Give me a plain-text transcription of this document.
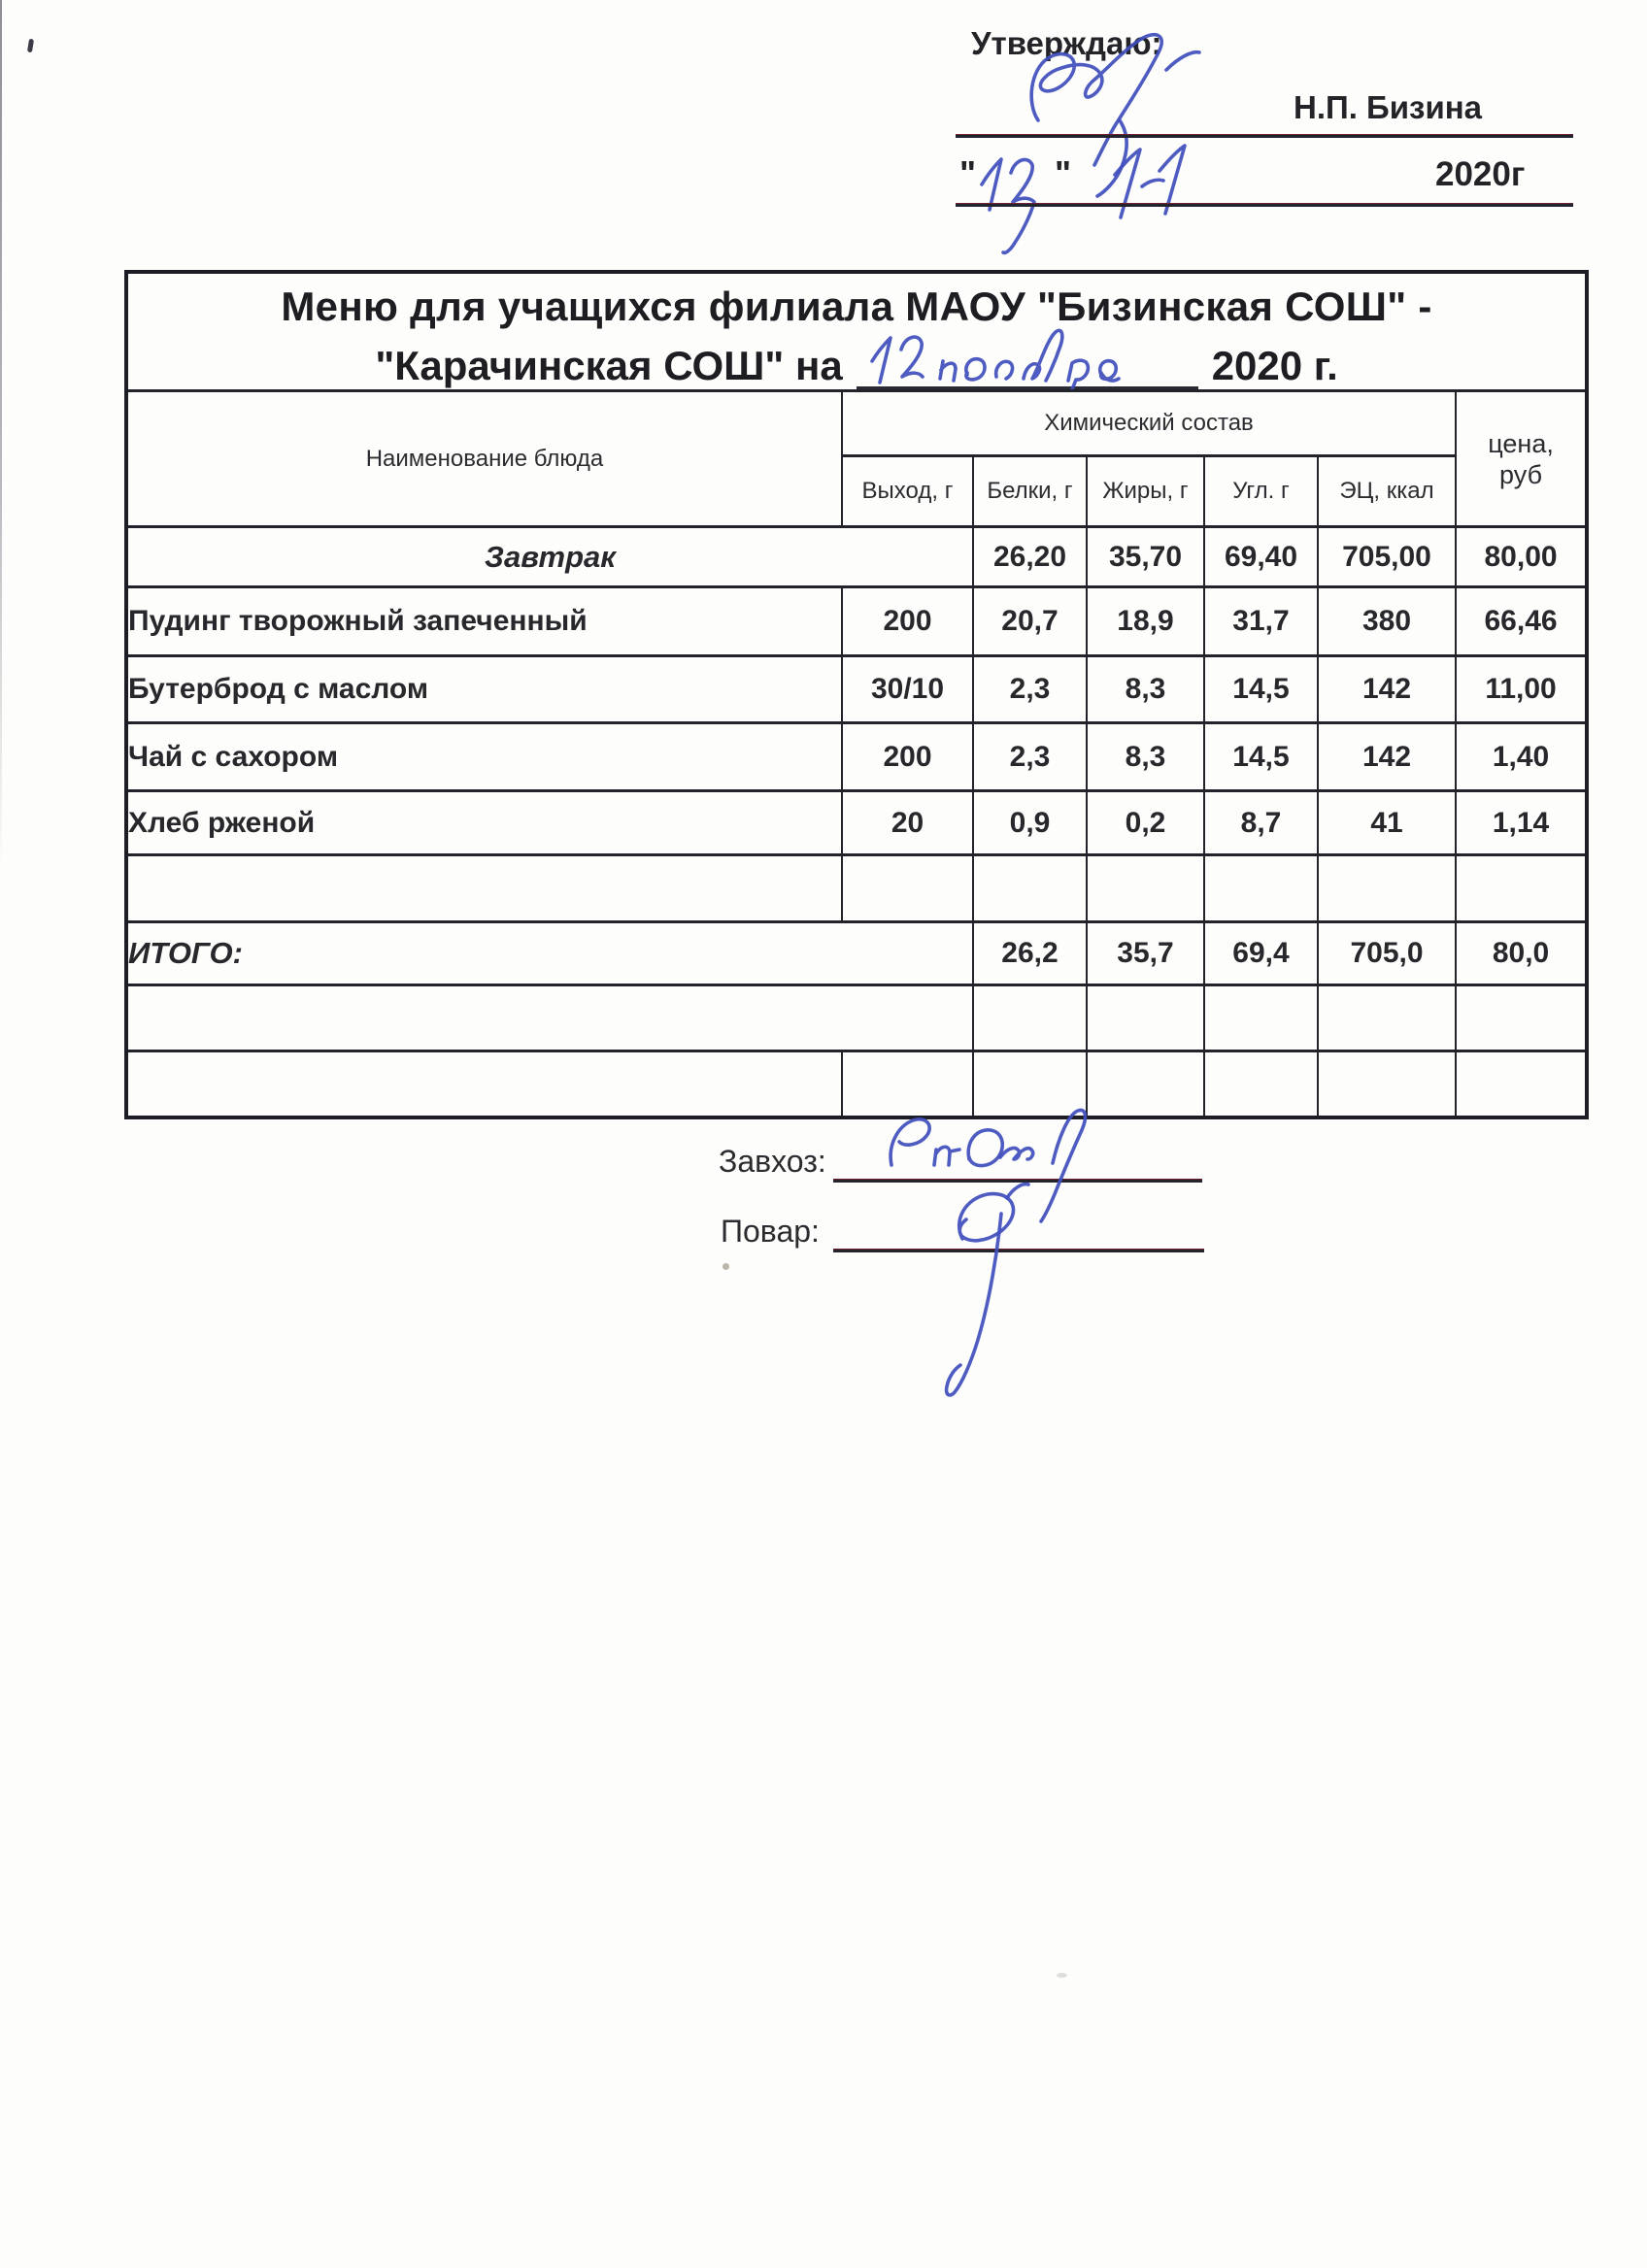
Утверждаю:
Н.П. Бизина
" "	2020г
Меню для учащихся филиала МАОУ "Бизинская СОШ" -
"Карачинская СОШ" на 2020 г.						

Наименование блюда	Химический состав					цена,
руб

	Выход, г	Белки, г	Жиры, г	Угл. г	ЭЦ, ккал	
Завтрак		26,20	35,70	69,40	705,00	80,00
Пудинг творожный запеченный	200	20,7	18,9	31,7	380	66,46
Бутерброд с маслом	30/10	2,3	8,3	14,5	142	11,00
Чай с сахором	200	2,3	8,3	14,5	142	1,40
Хлеб рженой	20	0,9	0,2	8,7	41	1,14

ИТОГО:		26,2	35,7	69,4	705,0	80,0

Завхоз:
Повар:
